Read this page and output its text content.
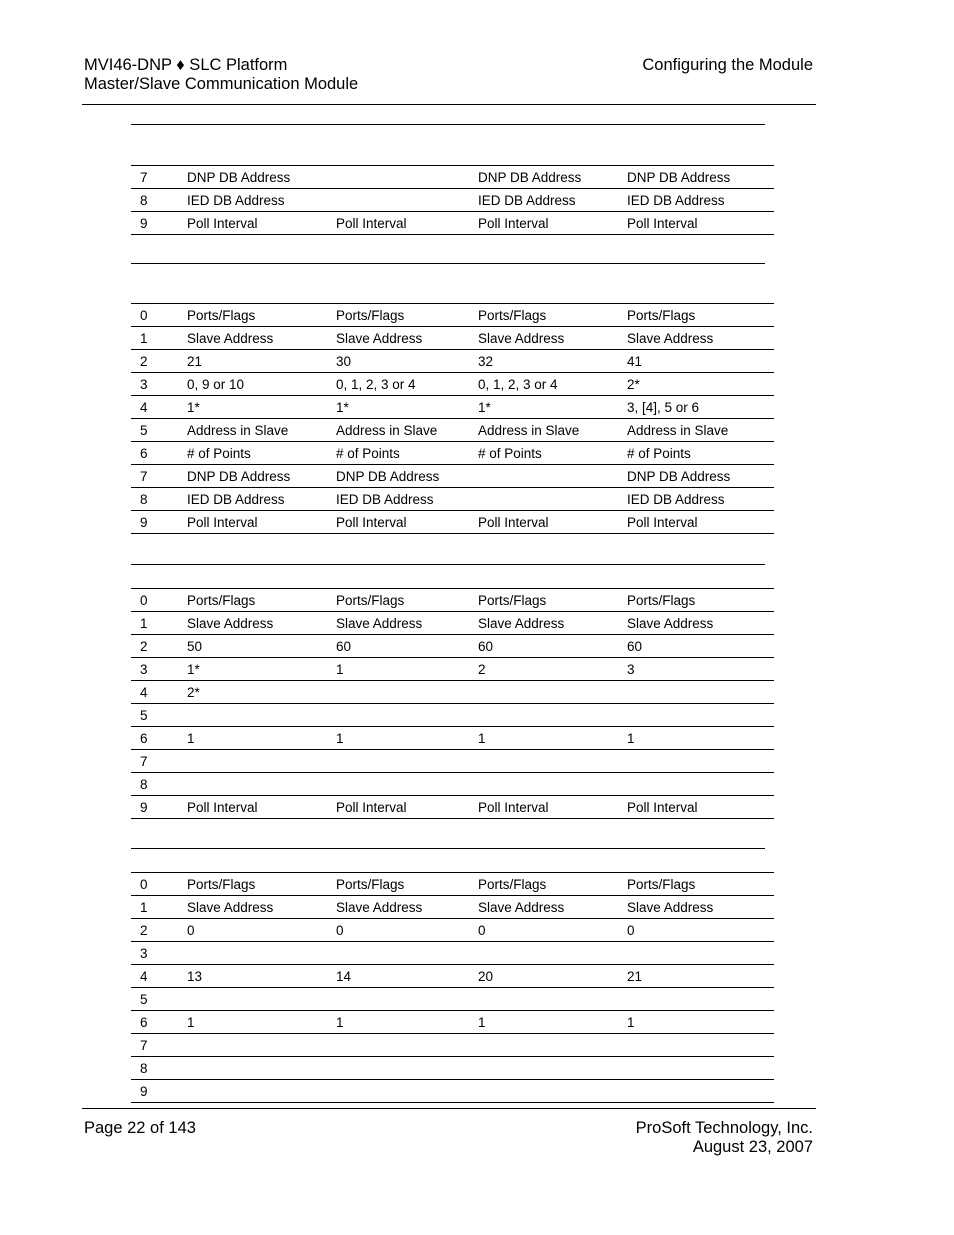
MVI46-DNP ♦ SLC Platform
Master/Slave Communication Module
Configuring the Module
7	DNP DB Address		DNP DB Address	DNP DB Address
8	IED DB Address		IED DB Address	IED DB Address
9	Poll Interval	Poll Interval	Poll Interval	Poll Interval
0	Ports/Flags	Ports/Flags	Ports/Flags	Ports/Flags
1	Slave Address	Slave Address	Slave Address	Slave Address
2	21	30	32	41
3	0, 9 or 10	0, 1, 2, 3 or 4	0, 1, 2, 3 or 4	2*
4	1*	1*	1*	3, [4], 5 or 6
5	Address in Slave	Address in Slave	Address in Slave	Address in Slave
6	# of Points	# of Points	# of Points	# of Points
7	DNP DB Address	DNP DB Address		DNP DB Address
8	IED DB Address	IED DB Address		IED DB Address
9	Poll Interval	Poll Interval	Poll Interval	Poll Interval
0	Ports/Flags	Ports/Flags	Ports/Flags	Ports/Flags
1	Slave Address	Slave Address	Slave Address	Slave Address
2	50	60	60	60
3	1*	1	2	3
4	2*			
5				
6	1	1	1	1
7				
8				
9	Poll Interval	Poll Interval	Poll Interval	Poll Interval
0	Ports/Flags	Ports/Flags	Ports/Flags	Ports/Flags
1	Slave Address	Slave Address	Slave Address	Slave Address
2	0	0	0	0
3				
4	13	14	20	21
5				
6	1	1	1	1
7				
8				
9				
Page 22 of 143	ProSoft Technology, Inc.
August 23, 2007
